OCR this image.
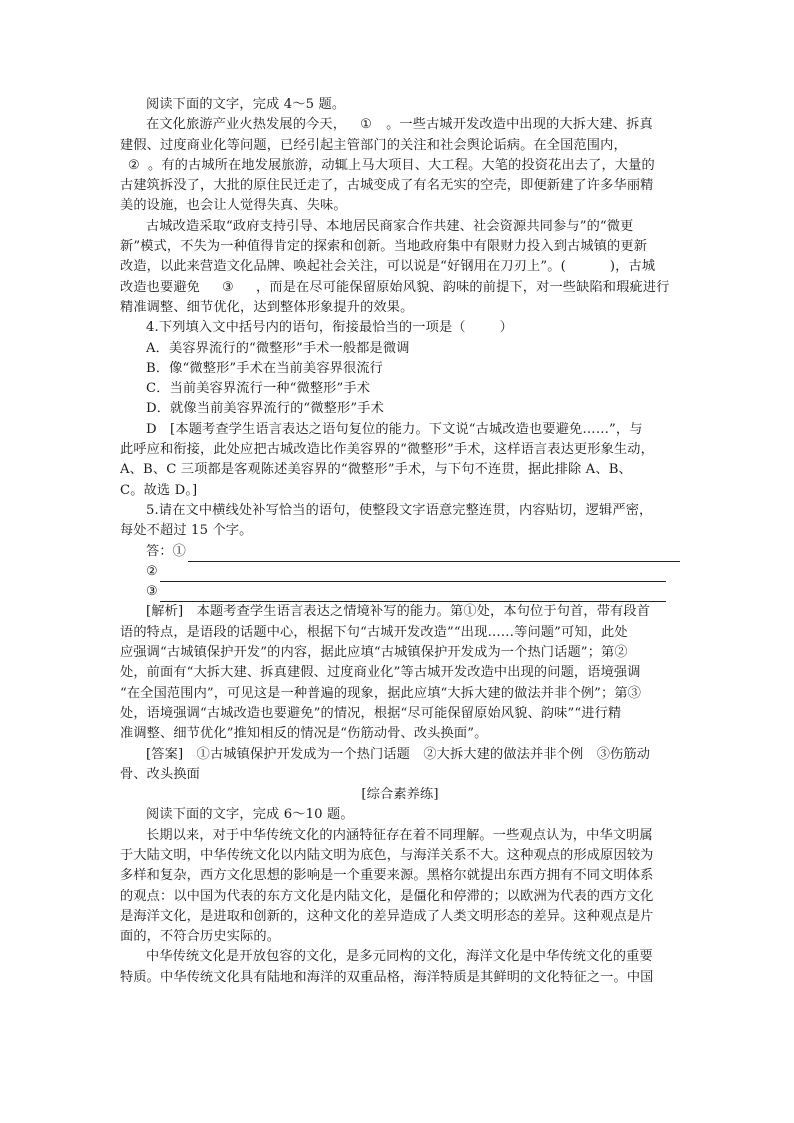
阅读下面的文字，完成 4～5 题。
在文化旅游产业火热发展的今天， ① 。一些古城开发改造中出现的大拆大建、拆真
建假、过度商业化等问题，已经引起主管部门的关注和社会舆论诟病。在全国范围内，
② 。有的古城所在地发展旅游，动辄上马大项目、大工程。大笔的投资花出去了，大量的
古建筑拆没了，大批的原住民迁走了，古城变成了有名无实的空壳，即便新建了许多华丽精
美的设施，也会让人觉得失真、失味。
古城改造采取“政府支持引导、本地居民商家合作共建、社会资源共同参与”的“微更
新”模式，不失为一种值得肯定的探索和创新。当地政府集中有限财力投入到古城镇的更新
改造，以此来营造文化品牌、唤起社会关注，可以说是“好钢用在刀刃上”。(	)，古城
改造也要避免 ③ ，而是在尽可能保留原始风貌、韵味的前提下，对一些缺陷和瑕疵进行
精准调整、细节优化，达到整体形象提升的效果。
4.下列填入文中括号内的语句，衔接最恰当的一项是（	）
A．美容界流行的“微整形”手术一般都是微调
B．像“微整形”手术在当前美容界很流行
C．当前美容界流行一种“微整形”手术
D．就像当前美容界流行的“微整形”手术
D　[本题考查学生语言表达之语句复位的能力。下文说“古城改造也要避免……”，与
此呼应和衔接，此处应把古城改造比作美容界的“微整形”手术，这样语言表达更形象生动，
A、B、C 三项都是客观陈述美容界的“微整形”手术，与下句不连贯，据此排除 A、B、
C。故选 D。]
5.请在文中横线处补写恰当的语句，使整段文字语意完整连贯，内容贴切，逻辑严密，
每处不超过 15 个字。
答：①
②
③
[解析]　本题考查学生语言表达之情境补写的能力。第①处，本句位于句首，带有段首
语的特点，是语段的话题中心，根据下句“古城开发改造”“出现……等问题”可知，此处
应强调“古城镇保护开发”的内容，据此应填“古城镇保护开发成为一个热门话题”；第②
处，前面有“大拆大建、拆真建假、过度商业化”等古城开发改造中出现的问题，语境强调
“在全国范围内”，可见这是一种普遍的现象，据此应填“大拆大建的做法并非个例”；第③
处，语境强调“古城改造也要避免”的情况，根据“尽可能保留原始风貌、韵味”“进行精
准调整、细节优化”推知相反的情况是“伤筋动骨、改头换面”。
[答案]　①古城镇保护开发成为一个热门话题　②大拆大建的做法并非个例　③伤筋动
骨、改头换面
[综合素养练]
阅读下面的文字，完成 6～10 题。
长期以来，对于中华传统文化的内涵特征存在着不同理解。一些观点认为，中华文明属
于大陆文明，中华传统文化以内陆文明为底色，与海洋关系不大。这种观点的形成原因较为
多样和复杂，西方文化思想的影响是一个重要来源。黑格尔就提出东西方拥有不同文明体系
的观点：以中国为代表的东方文化是内陆文化，是僵化和停滞的；以欧洲为代表的西方文化
是海洋文化，是进取和创新的，这种文化的差异造成了人类文明形态的差异。这种观点是片
面的，不符合历史实际的。
中华传统文化是开放包容的文化，是多元同构的文化，海洋文化是中华传统文化的重要
特质。中华传统文化具有陆地和海洋的双重品格，海洋特质是其鲜明的文化特征之一。中国
